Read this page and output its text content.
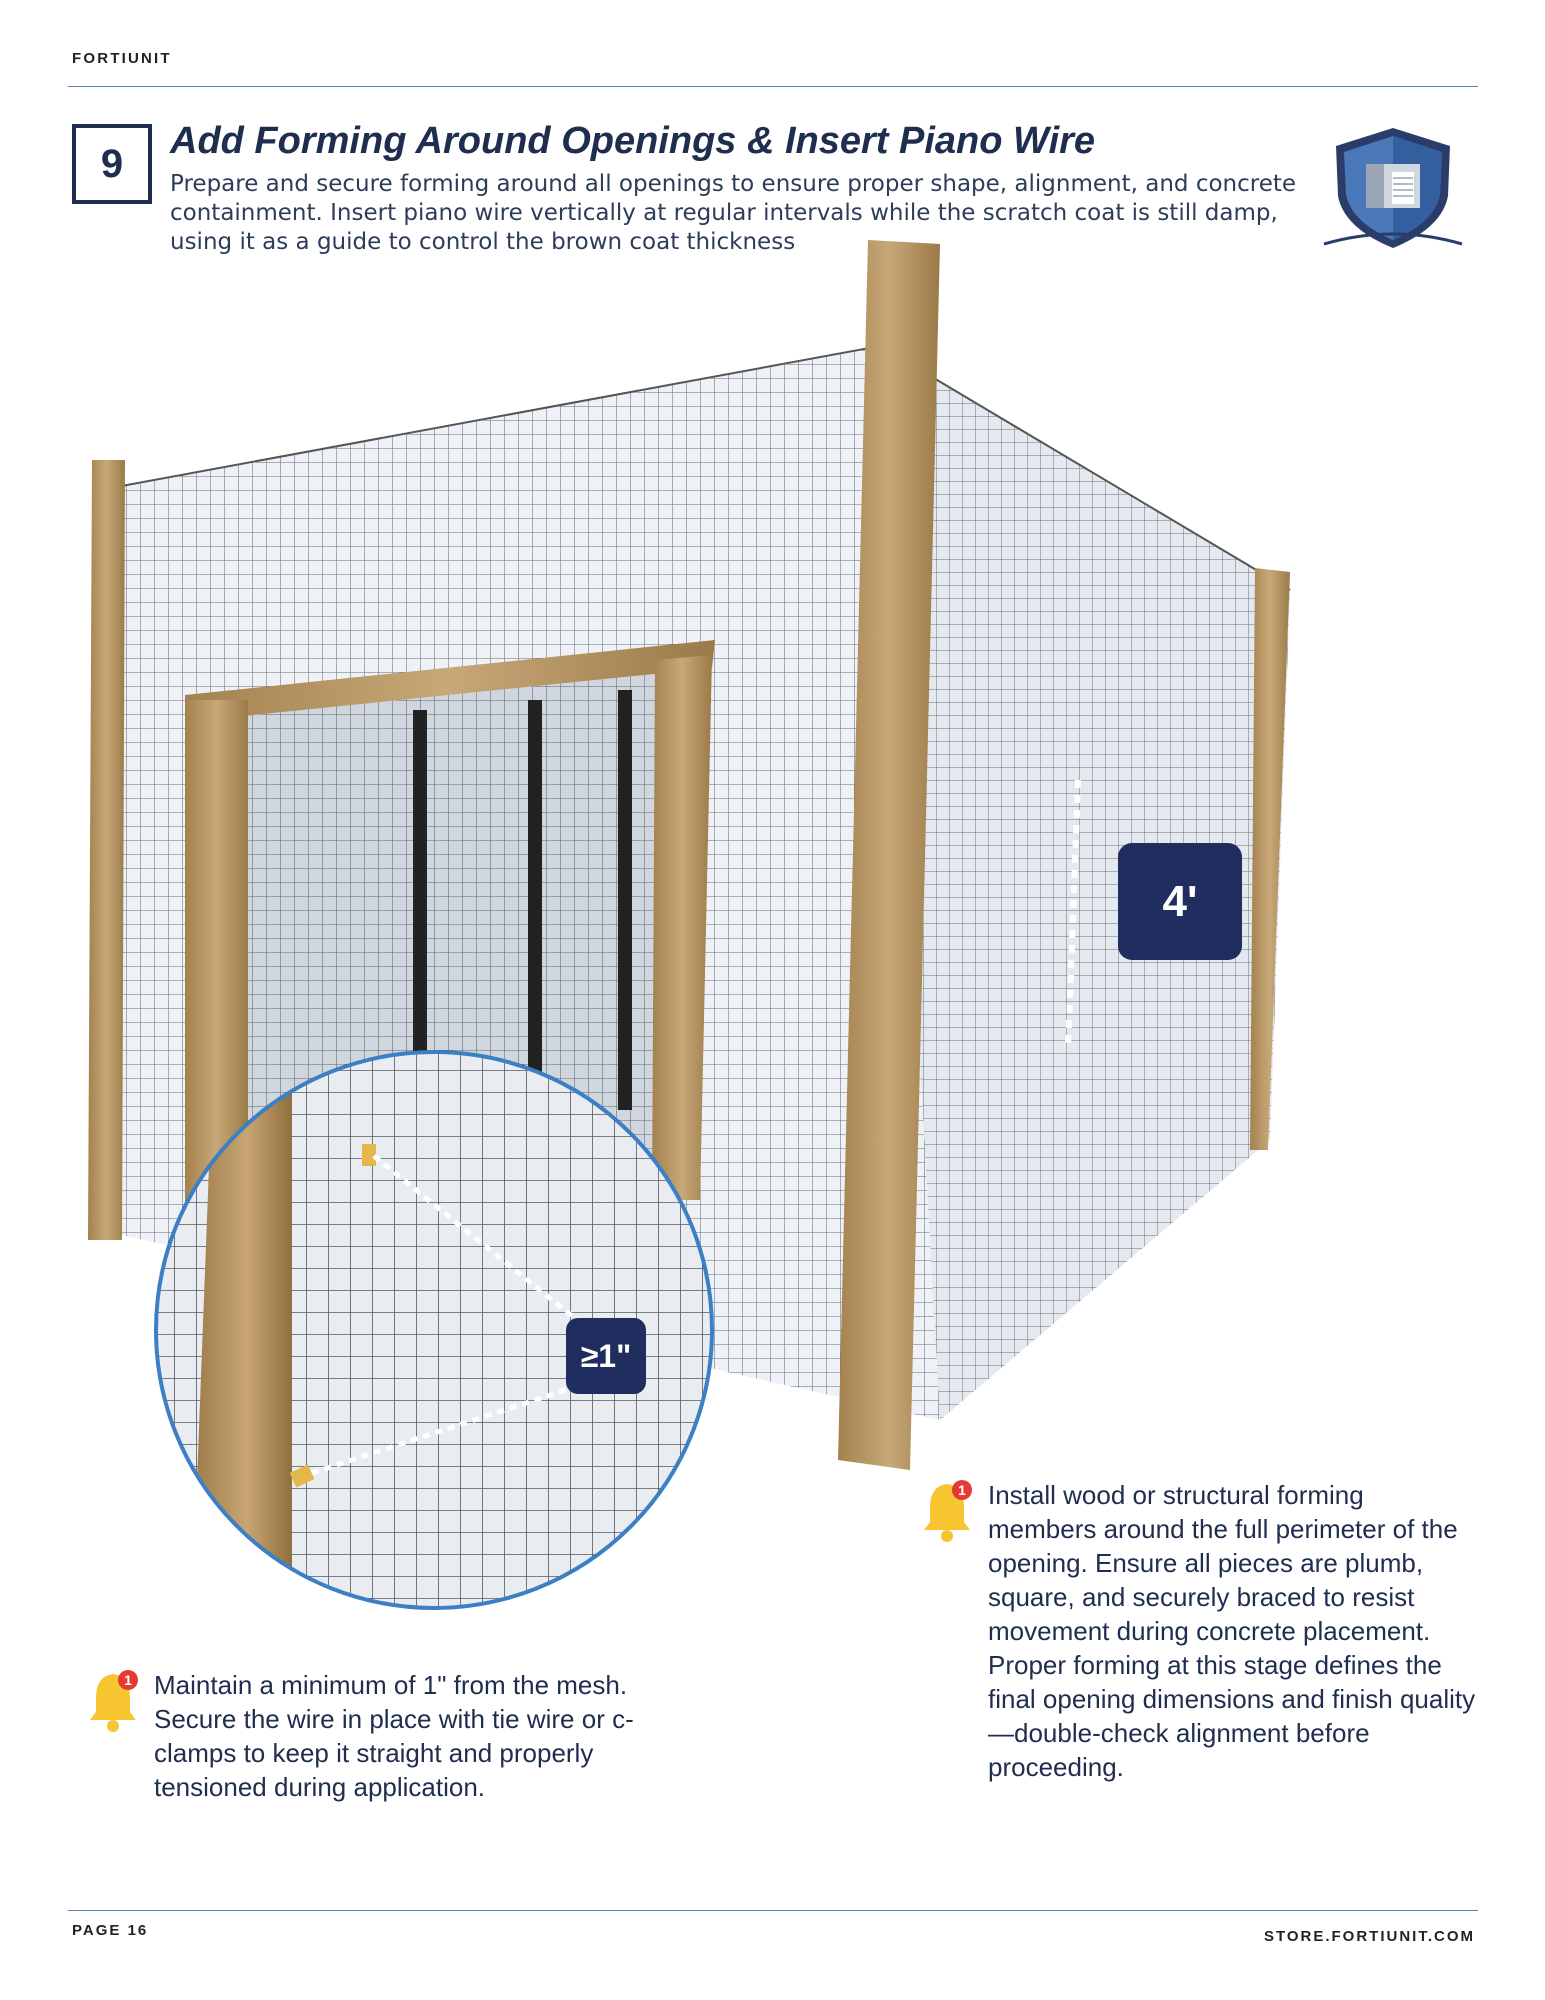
FORTIUNIT
9
Add Forming Around Openings & Insert Piano Wire
Prepare and secure forming around all openings to ensure proper shape, alignment, and concrete containment. Insert piano wire vertically at regular intervals while the scratch coat is still damp, using it as a guide to control the brown coat thickness
4'
≥1"
1 Install wood or structural forming members around the full perimeter of the opening. Ensure all pieces are plumb, square, and securely braced to resist movement during concrete placement. Proper forming at this stage defines the final opening dimensions and finish quality—double-check alignment before proceeding.
1 Maintain a minimum of 1" from the mesh. Secure the wire in place with tie wire or c-clamps to keep it straight and properly tensioned during application.
PAGE 16	STORE.FORTIUNIT.COM
